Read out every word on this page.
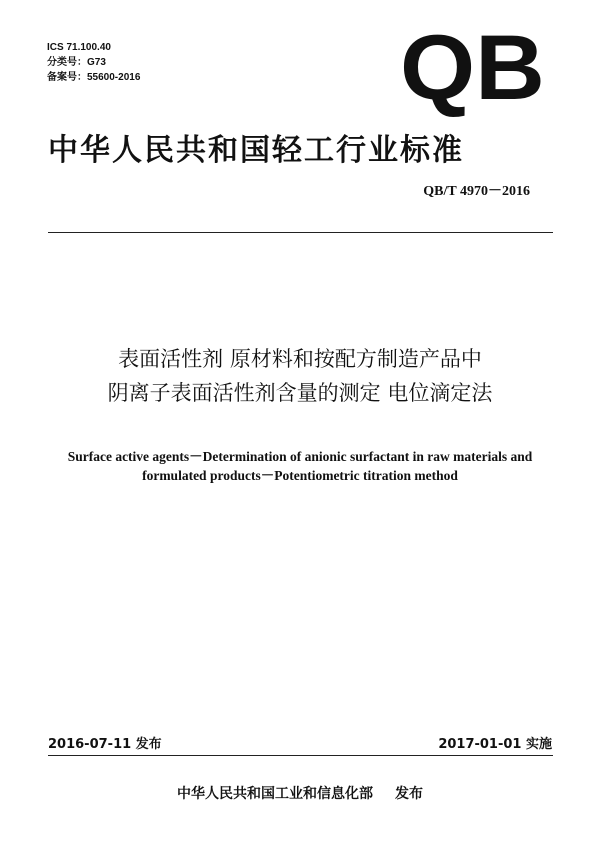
ICS 71.100.40
分类号：G73
备案号：55600-2016	QB
中华人民共和国轻工行业标准
QB/T 4970－2016
表面活性剂 原材料和按配方制造产品中
阴离子表面活性剂含量的测定 电位滴定法
Surface active agents－Determination of anionic surfactant in raw materials and
formulated products－Potentiometric titration method
2016-07-11 发布	2017-01-01 实施
中华人民共和国工业和信息化部 发布
